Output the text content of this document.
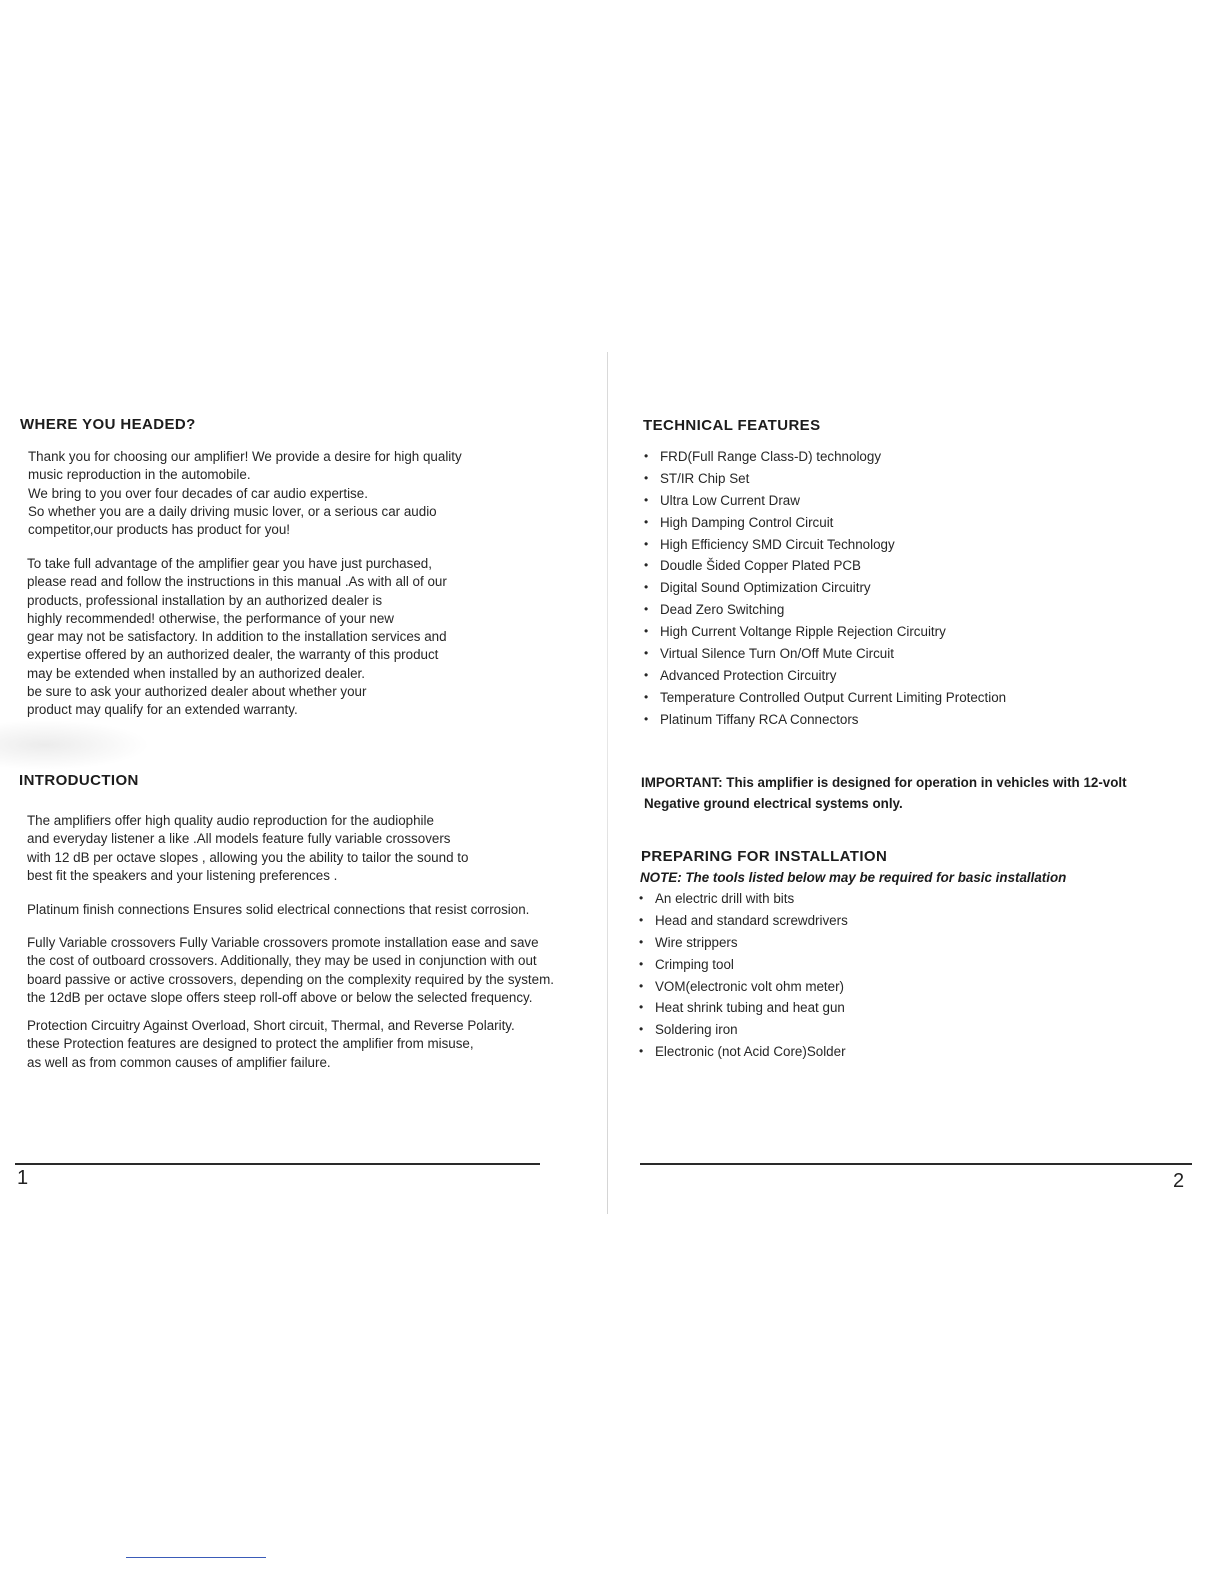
WHERE YOU HEADED?
Thank you for choosing our amplifier! We provide a desire for high quality
music reproduction in the automobile.
We bring to you over four decades of car audio expertise.
So whether you are a daily driving music lover, or a serious car audio
competitor,our products has product for you!
To take full advantage of the amplifier gear you have just purchased,
please read and follow the instructions in this manual .As with all of our
products, professional installation by an authorized dealer is
highly recommended! otherwise, the performance of your new
gear may not be satisfactory. In addition to the installation services and
expertise offered by an authorized dealer, the warranty of this product
may be extended when installed by an authorized dealer.
be sure to ask your authorized dealer about whether your
product may qualify for an extended warranty.
INTRODUCTION
The amplifiers offer high quality audio reproduction for the audiophile
and everyday listener a like .All models feature fully variable crossovers
with 12 dB per octave slopes , allowing you the ability to tailor the sound to
best fit the speakers and your listening preferences .
Platinum finish connections Ensures solid electrical connections that resist corrosion.
Fully Variable crossovers Fully Variable crossovers promote installation ease and save
the cost of outboard crossovers. Additionally, they may be used in conjunction with out
board passive or active crossovers, depending on the complexity required by the system.
the 12dB per octave slope offers steep roll-off above or below the selected frequency.
Protection Circuitry Against Overload, Short circuit, Thermal, and Reverse Polarity.
these Protection features are designed to protect the amplifier from misuse,
as well as from common causes of amplifier failure.
1
TECHNICAL FEATURES
• FRD(Full Range Class-D) technology
• ST/IR Chip Set
• Ultra Low Current Draw
• High Damping Control Circuit
• High Efficiency SMD Circuit Technology
• Doudle Šided Copper Plated PCB
• Digital Sound Optimization Circuitry
• Dead Zero Switching
• High Current Voltange Ripple Rejection Circuitry
• Virtual Silence Turn On/Off Mute Circuit
• Advanced Protection Circuitry
• Temperature Controlled Output Current Limiting Protection
• Platinum Tiffany RCA Connectors
IMPORTANT: This amplifier is designed for operation in vehicles with 12-volt
Negative ground electrical systems only.
PREPARING FOR INSTALLATION
NOTE: The tools listed below may be required for basic installation
• An electric drill with bits
• Head and standard screwdrivers
• Wire strippers
• Crimping tool
• VOM(electronic volt ohm meter)
• Heat shrink tubing and heat gun
• Soldering iron
• Electronic (not Acid Core)Solder
2
